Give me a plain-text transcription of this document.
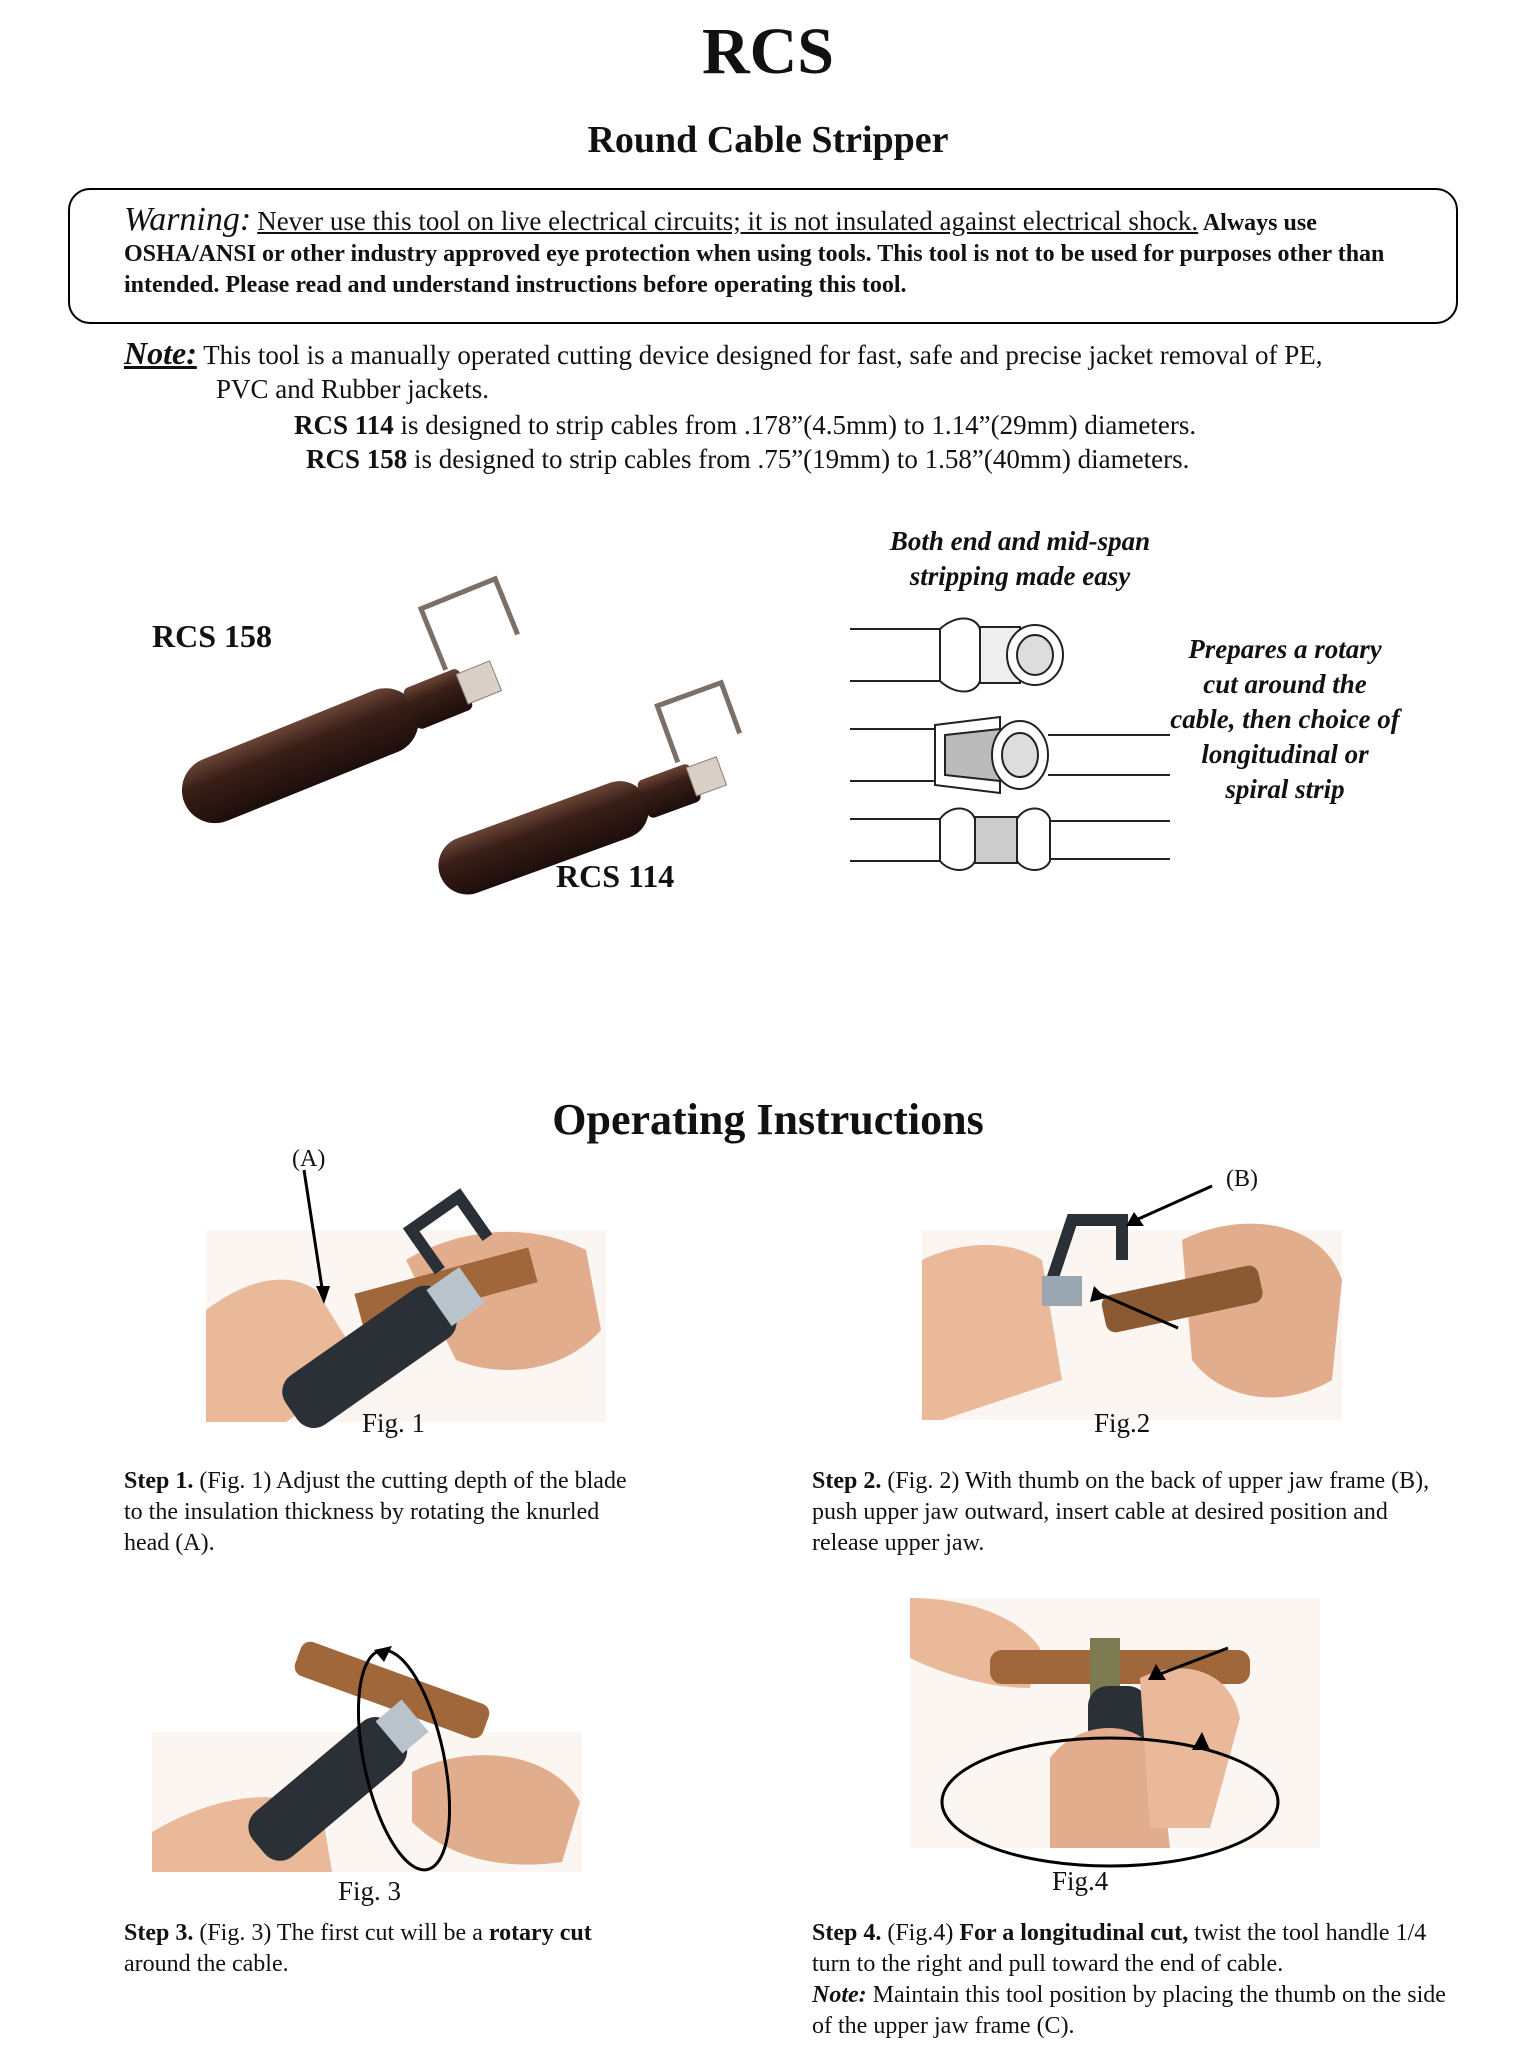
RCS
Round Cable Stripper
Warning: Never use this tool on live electrical circuits; it is not insulated against electrical shock. Always use OSHA/ANSI or other industry approved eye protection when using tools. This tool is not to be used for purposes other than intended. Please read and understand instructions before operating this tool.
Note: This tool is a manually operated cutting device designed for fast, safe and precise jacket removal of PE,
PVC and Rubber jackets.
RCS 114 is designed to strip cables from .178”(4.5mm) to 1.14”(29mm) diameters.
RCS 158 is designed to strip cables from .75”(19mm) to 1.58”(40mm) diameters.
RCS 158
RCS 114
Both end and mid-span
stripping made easy
Prepares a rotary
cut around the
cable, then choice of
longitudinal or
spiral strip
Operating Instructions
(A)
Fig. 1
Step 1. (Fig. 1) Adjust the cutting depth of the blade to the insulation thickness by rotating the knurled head (A).
(B)
Fig.2
Step 2. (Fig. 2) With thumb on the back of upper jaw frame (B), push upper jaw outward, insert cable at desired position and release upper jaw.
Fig. 3
Step 3. (Fig. 3) The first cut will be a rotary cut around the cable.
Fig.4
Step 4. (Fig.4) For a longitudinal cut, twist the tool handle 1/4 turn to the right and pull toward the end of cable.
Note: Maintain this tool position by placing the thumb on the side of the upper jaw frame (C).
